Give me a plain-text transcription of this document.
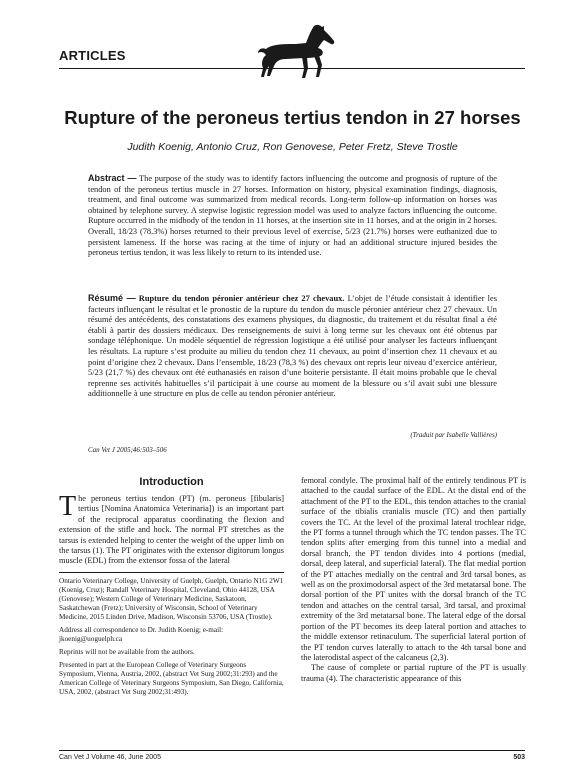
ARTICLES
Rupture of the peroneus tertius tendon in 27 horses
Judith Koenig, Antonio Cruz, Ron Genovese, Peter Fretz, Steve Trostle
Abstract — The purpose of the study was to identify factors influencing the outcome and prognosis of rupture of the tendon of the peroneus tertius muscle in 27 horses. Information on history, physical examination findings, diagnosis, treatment, and final outcome was summarized from medical records. Long-term follow-up information on horses was obtained by telephone survey. A stepwise logistic regression model was used to analyze factors influencing the outcome. Rupture occurred in the midbody of the tendon in 11 horses, at the insertion site in 11 horses, and at the origin in 2 horses. Overall, 18/23 (78.3%) horses returned to their previous level of exercise, 5/23 (21.7%) horses were euthanized due to persistent lameness. If the horse was racing at the time of injury or had an additional structure injured besides the peroneus tertius tendon, it was less likely to return to its intended use.
Résumé — Rupture du tendon péronier antérieur chez 27 chevaux. L’objet de l’étude consistait à identifier les facteurs influençant le résultat et le pronostic de la rupture du tendon du muscle péronier antérieur chez 27 chevaux. Un résumé des antécédents, des constatations des examens physiques, du diagnostic, du traitement et du résultat final a été établi à partir des dossiers médicaux. Des renseignements de suivi à long terme sur les chevaux ont été obtenus par sondage téléphonique. Un modèle séquentiel de régression logistique a été utilisé pour analyser les facteurs influençant les résultats. La rupture s’est produite au milieu du tendon chez 11 chevaux, au point d’insertion chez 11 chevaux et au point d’origine chez 2 chevaux. Dans l’ensemble, 18/23 (78,3 %) des chevaux ont repris leur niveau d’exercice antérieur, 5/23 (21,7 %) des chevaux ont été euthanasiés en raison d’une boiterie persistante. Il était moins probable que le cheval reprenne ses activités habituelles s’il participait à une course au moment de la blessure ou s’il avait subi une blessure additionnelle à une structure en plus de celle au tendon péronier antérieur.
(Traduit par Isabelle Vallières)
Can Vet J 2005;46:503–506
Introduction

The peroneus tertius tendon (PT) (m. peroneus [fibularis] tertius [Nomina Anatomica Veterinaria]) is an important part of the reciprocal apparatus coordinating the flexion and extension of the stifle and hock. The normal PT stretches as the tarsus is extended helping to center the weight of the upper limb on the tarsus (1). The PT originates with the extensor digitorum longus muscle (EDL) from the extensor fossa of the lateral

Ontario Veterinary College, University of Guelph, Guelph, Ontario N1G 2W1 (Koenig, Cruz); Randall Veterinary Hospital, Cleveland, Ohio 44128, USA (Genovese); Western College of Veterinary Medicine, Saskatoon, Saskatchewan (Fretz); University of Wisconsin, School of Veterinary Medicine, 2015 Linden Drive, Madison, Wisconsin 53706, USA (Trostle).

Address all correspondence to Dr. Judith Koenig; e-mail: jkoenig@uoguelph.ca

Reprints will not be available from the authors.

Presented in part at the European College of Veterinary Surgeons Symposium, Vienna, Austria, 2002, (abstract Vet Surg 2002;31:293) and the American College of Veterinary Surgeons Symposium, San Diego, California, USA, 2002, (abstract Vet Surg 2002;31:493).

femoral condyle. The proximal half of the entirely tendinous PT is attached to the caudal surface of the EDL. At the distal end of the attachment of the PT to the EDL, this tendon attaches to the cranial surface of the tibialis cranialis muscle (TC) and then partially covers the TC. At the level of the proximal lateral trochlear ridge, the PT forms a tunnel through which the TC tendon passes. The TC tendon splits after emerging from this tunnel into a medial and dorsal branch, the PT tendon divides into 4 portions (medial, dorsal, deep lateral, and superficial lateral). The flat medial portion of the PT attaches medially on the central and 3rd tarsal bones, as well as on the proximodorsal aspect of the 3rd metatarsal bone. The dorsal portion of the PT unites with the dorsal branch of the TC tendon and attaches on the central tarsal, 3rd tarsal, and proximal extremity of the 3rd metatarsal bone. The lateral edge of the dorsal portion of the PT becomes its deep lateral portion and attaches to the middle extensor retinaculum. The superficial lateral portion of the PT tendon curves laterally to attach to the 4th tarsal bone and the laterodistal aspect of the calcaneus (2,3).

The cause of complete or partial rupture of the PT is usually trauma (4). The characteristic appearance of this

Can Vet J Volume 46, June 2005	503
